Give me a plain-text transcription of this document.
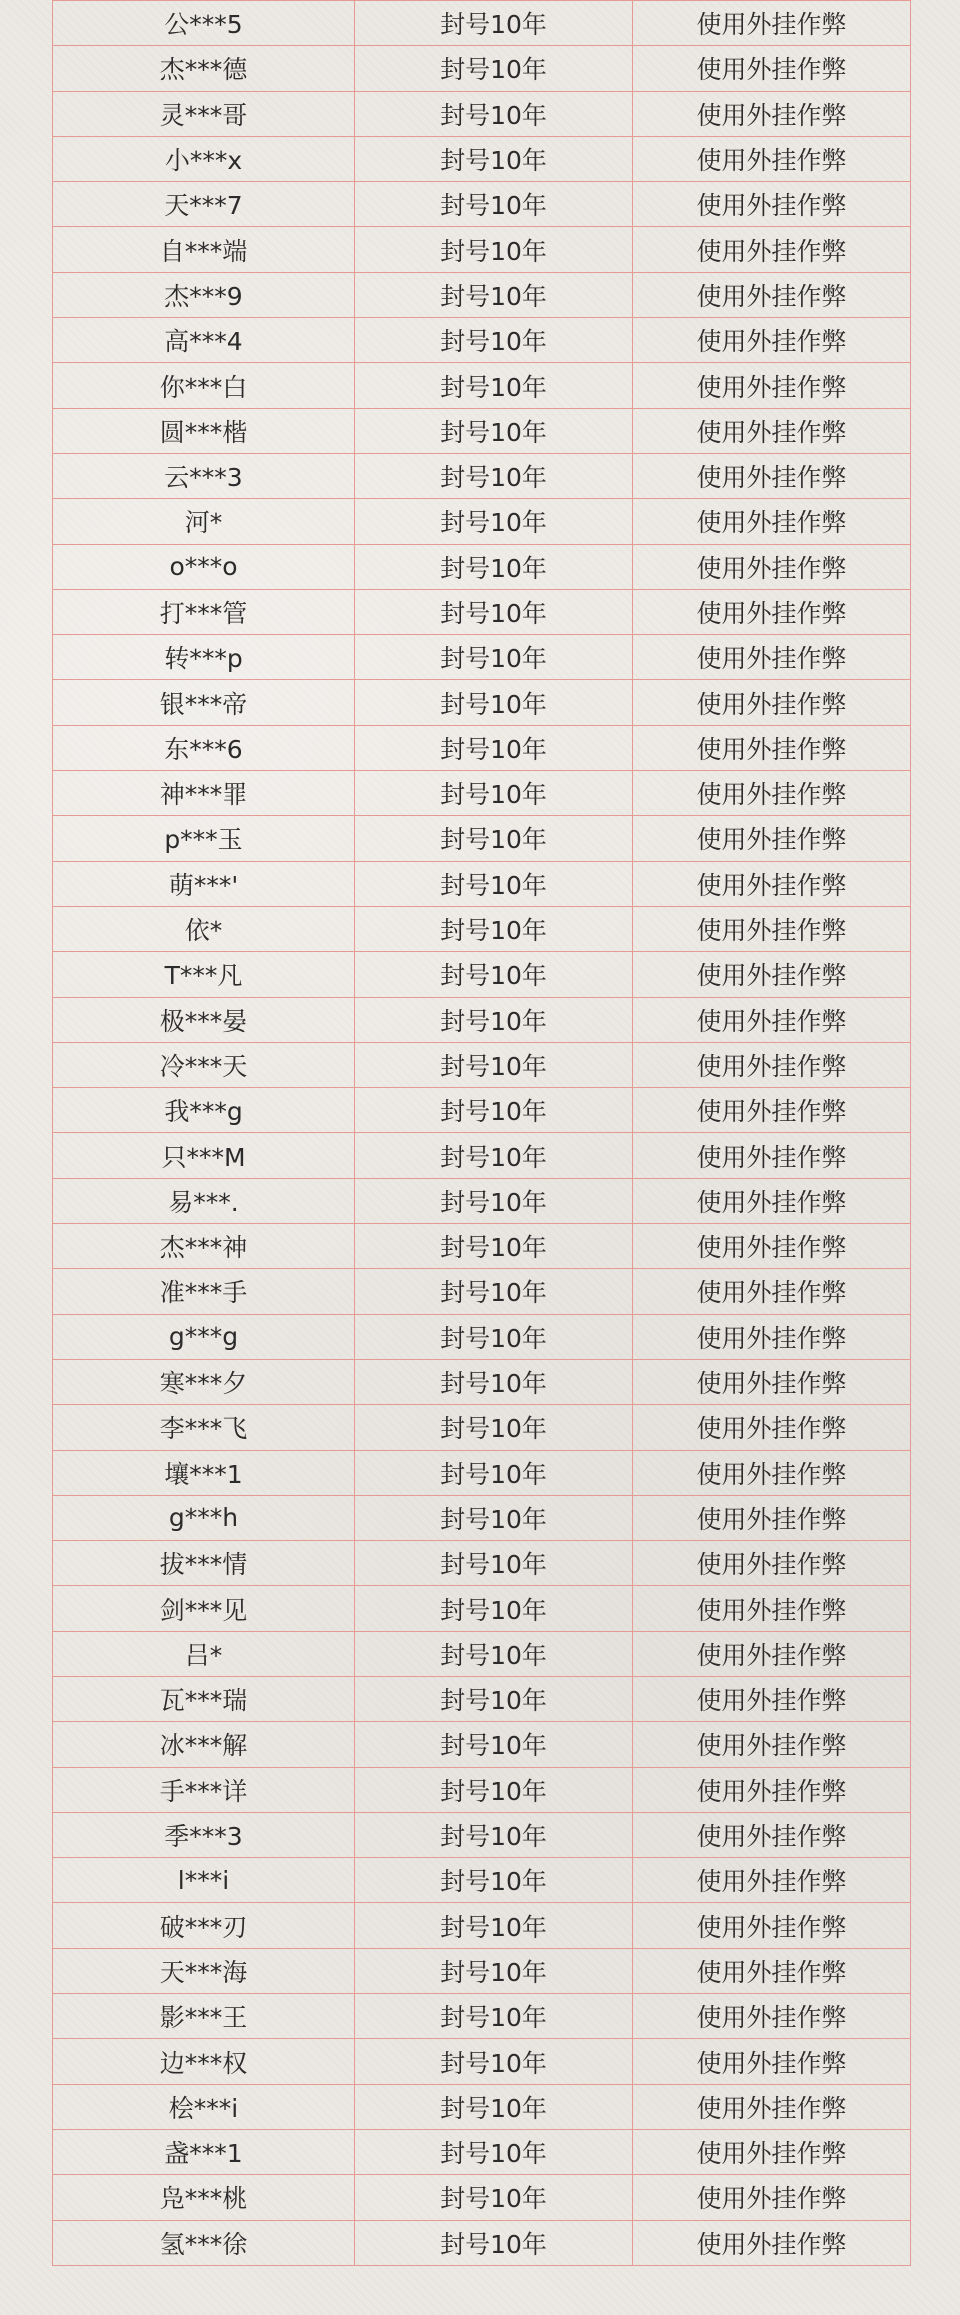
公***5	封号10年	使用外挂作弊
杰***德	封号10年	使用外挂作弊
灵***哥	封号10年	使用外挂作弊
小***x	封号10年	使用外挂作弊
天***7	封号10年	使用外挂作弊
自***端	封号10年	使用外挂作弊
杰***9	封号10年	使用外挂作弊
高***4	封号10年	使用外挂作弊
你***白	封号10年	使用外挂作弊
圆***楷	封号10年	使用外挂作弊
云***3	封号10年	使用外挂作弊
河*	封号10年	使用外挂作弊
o***o	封号10年	使用外挂作弊
打***管	封号10年	使用外挂作弊
转***p	封号10年	使用外挂作弊
银***帝	封号10年	使用外挂作弊
东***6	封号10年	使用外挂作弊
神***罪	封号10年	使用外挂作弊
p***玉	封号10年	使用外挂作弊
萌***'	封号10年	使用外挂作弊
依*	封号10年	使用外挂作弊
T***凡	封号10年	使用外挂作弊
极***晏	封号10年	使用外挂作弊
冷***天	封号10年	使用外挂作弊
我***g	封号10年	使用外挂作弊
只***M	封号10年	使用外挂作弊
易***.	封号10年	使用外挂作弊
杰***神	封号10年	使用外挂作弊
准***手	封号10年	使用外挂作弊
g***g	封号10年	使用外挂作弊
寒***夕	封号10年	使用外挂作弊
李***飞	封号10年	使用外挂作弊
壤***1	封号10年	使用外挂作弊
g***h	封号10年	使用外挂作弊
拔***情	封号10年	使用外挂作弊
剑***见	封号10年	使用外挂作弊
吕*	封号10年	使用外挂作弊
瓦***瑞	封号10年	使用外挂作弊
冰***解	封号10年	使用外挂作弊
手***详	封号10年	使用外挂作弊
季***3	封号10年	使用外挂作弊
l***i	封号10年	使用外挂作弊
破***刃	封号10年	使用外挂作弊
天***海	封号10年	使用外挂作弊
影***王	封号10年	使用外挂作弊
边***权	封号10年	使用外挂作弊
桧***i	封号10年	使用外挂作弊
盏***1	封号10年	使用外挂作弊
凫***桃	封号10年	使用外挂作弊
氢***徐	封号10年	使用外挂作弊
